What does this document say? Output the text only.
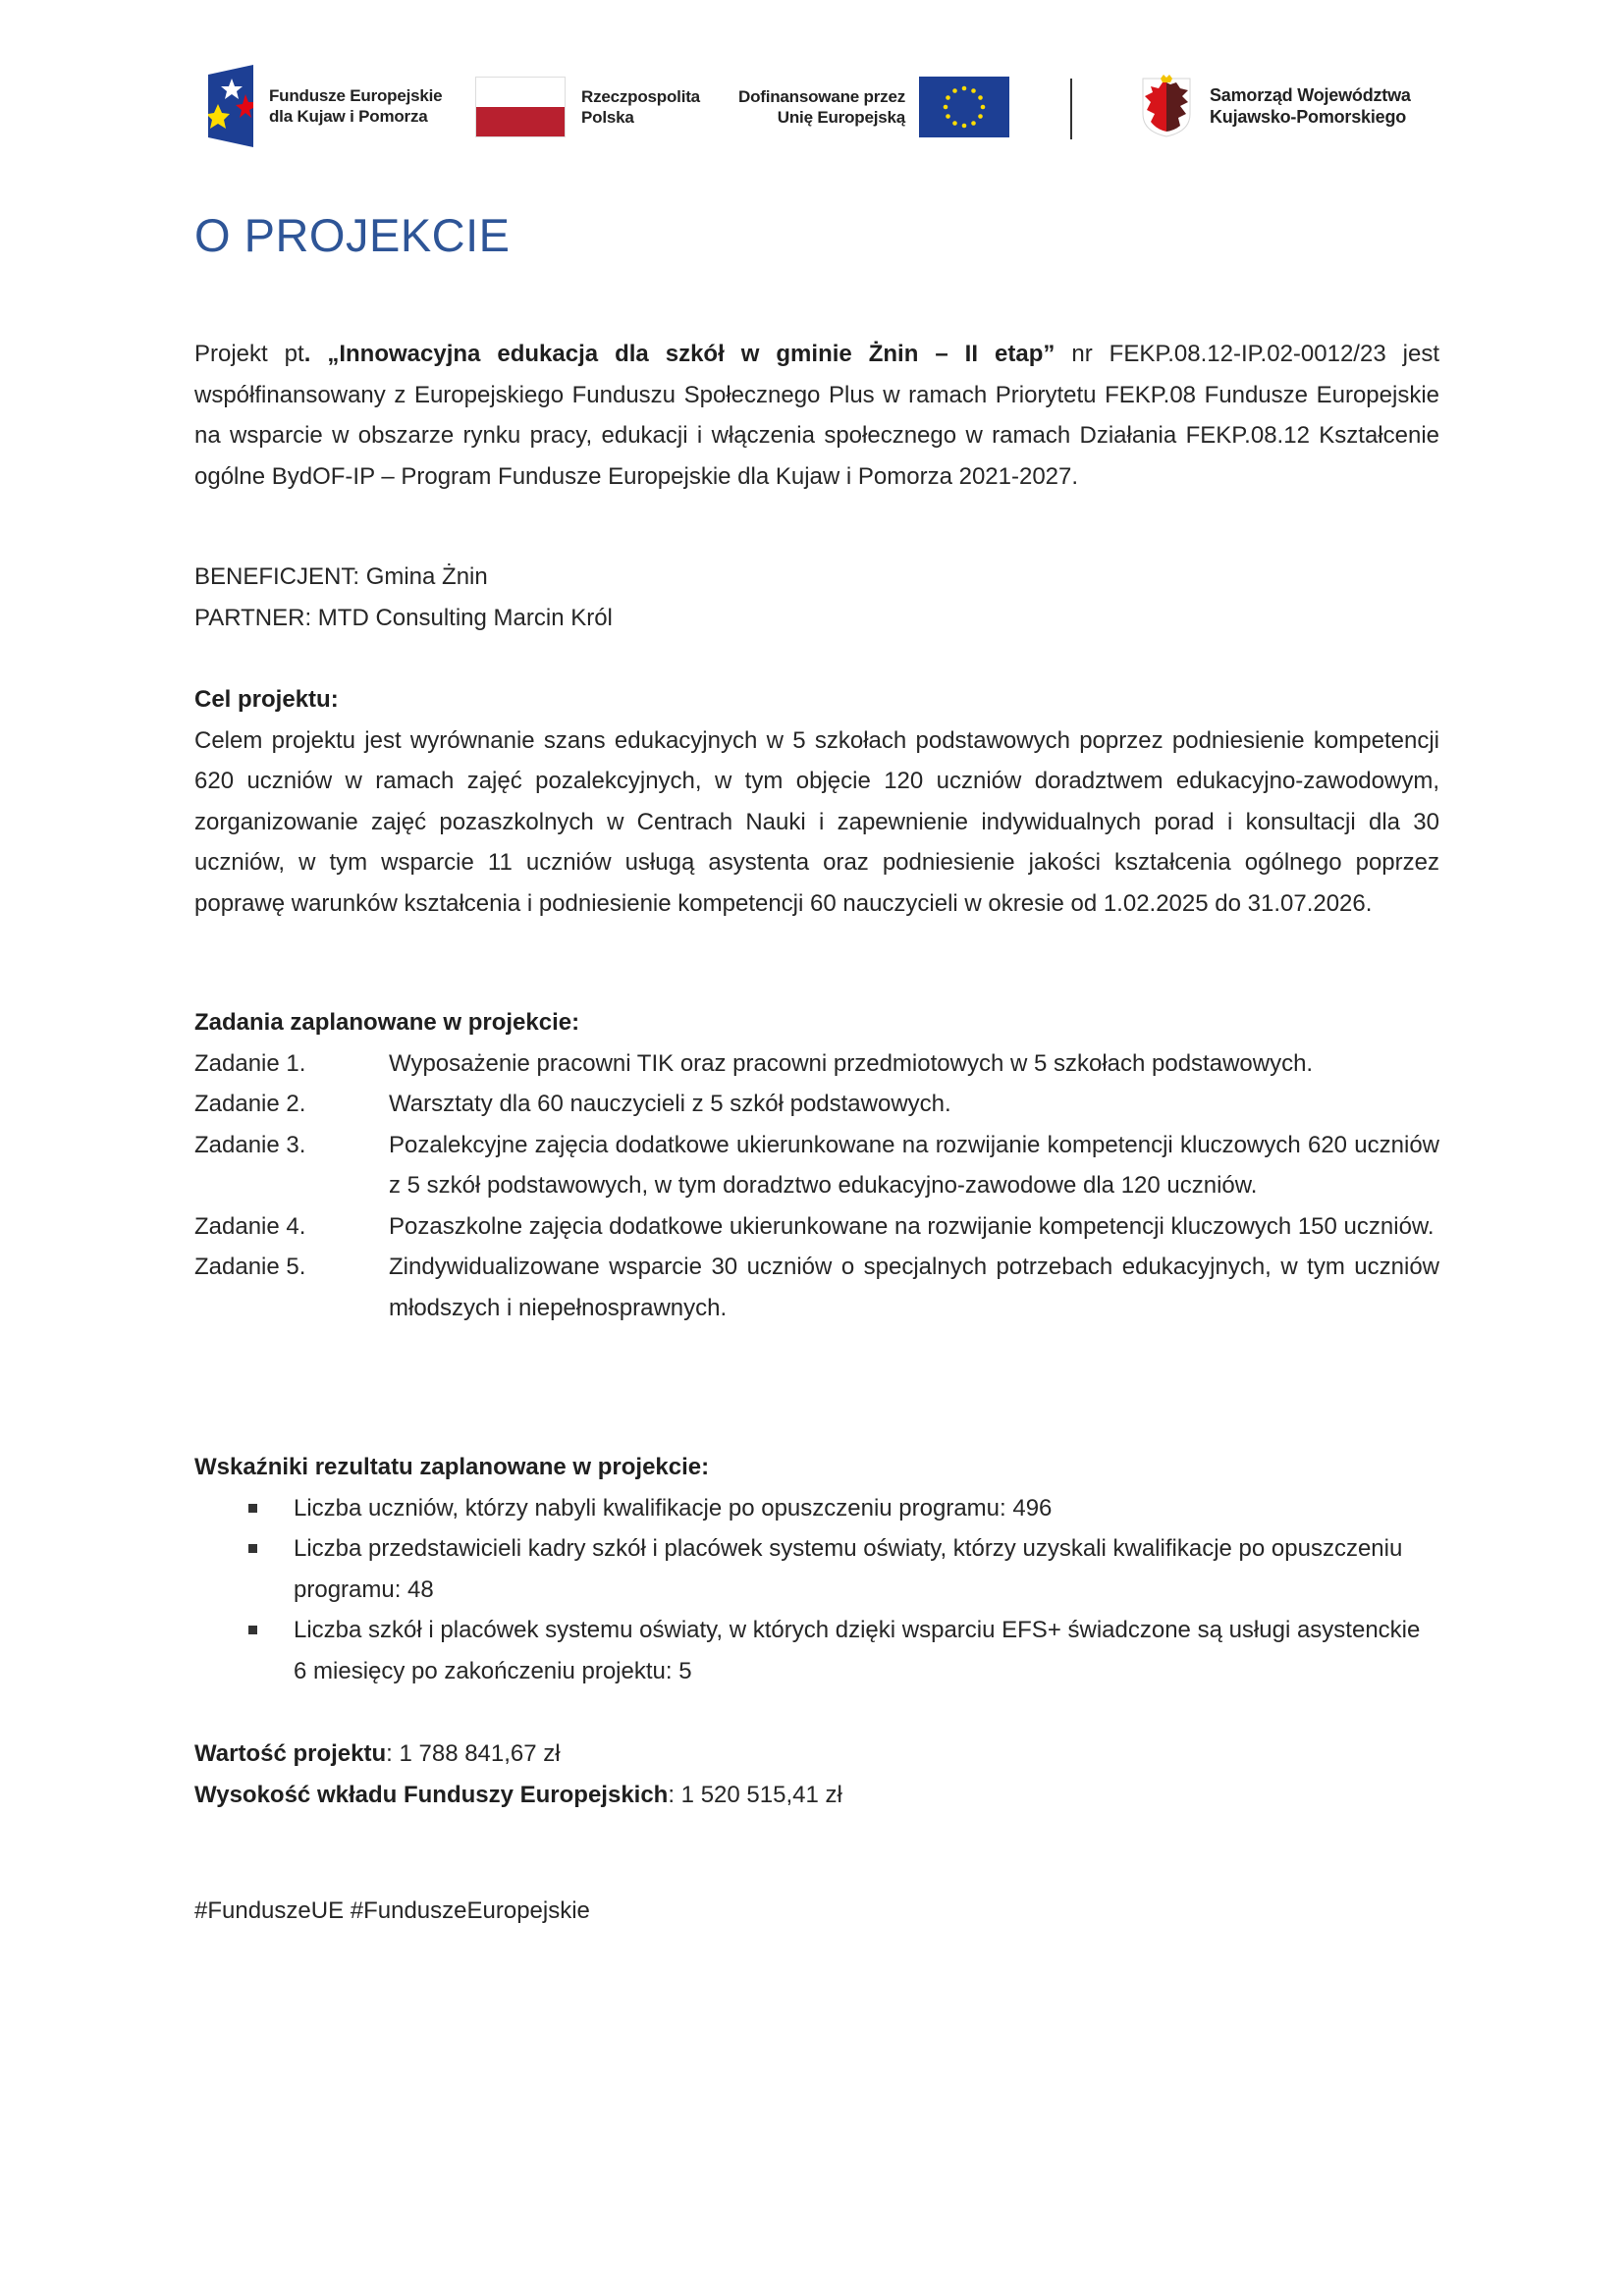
Fundusze Europejskie
dla Kujaw i Pomorza
Rzeczpospolita
Polska
Dofinansowane przez
Unię Europejską
Samorząd Województwa
Kujawsko-Pomorskiego
O PROJEKCIE

Projekt pt. „Innowacyjna edukacja dla szkół w gminie Żnin – II etap” nr FEKP.08.12-IP.02-0012/23 jest współfinansowany z Europejskiego Funduszu Społecznego Plus w ramach Priorytetu FEKP.08 Fundusze Europejskie na wsparcie w obszarze rynku pracy, edukacji i włączenia społecznego w ramach Działania FEKP.08.12 Kształcenie ogólne BydOF-IP – Program Fundusze Europejskie dla Kujaw i Pomorza 2021-2027.

BENEFICJENT: Gmina Żnin
PARTNER: MTD Consulting Marcin Król
Cel projektu:
Celem projektu jest wyrównanie szans edukacyjnych w 5 szkołach podstawowych poprzez podniesienie kompetencji 620 uczniów w ramach zajęć pozalekcyjnych, w tym objęcie 120 uczniów doradztwem edukacyjno-zawodowym, zorganizowanie zajęć pozaszkolnych w Centrach Nauki i zapewnienie indywidualnych porad i konsultacji dla 30 uczniów, w tym wsparcie 11 uczniów usługą asystenta oraz podniesienie jakości kształcenia ogólnego poprzez poprawę warunków kształcenia i podniesienie kompetencji 60 nauczycieli w okresie od 1.02.2025 do 31.07.2026.
Zadania zaplanowane w projekcie:
Zadanie 1.	Wyposażenie pracowni TIK oraz pracowni przedmiotowych w 5 szkołach podstawowych.
Zadanie 2.	Warsztaty dla 60 nauczycieli z 5 szkół podstawowych.
Zadanie 3.	Pozalekcyjne zajęcia dodatkowe ukierunkowane na rozwijanie kompetencji kluczowych 620 uczniów z 5 szkół podstawowych, w tym doradztwo edukacyjno-zawodowe dla 120 uczniów.
Zadanie 4.	Pozaszkolne zajęcia dodatkowe ukierunkowane na rozwijanie kompetencji kluczowych 150 uczniów.
Zadanie 5.	Zindywidualizowane wsparcie 30 uczniów o specjalnych potrzebach edukacyjnych, w tym uczniów młodszych i niepełnosprawnych.
Wskaźniki rezultatu zaplanowane w projekcie:
Liczba uczniów, którzy nabyli kwalifikacje po opuszczeniu programu: 496
Liczba przedstawicieli kadry szkół i placówek systemu oświaty, którzy uzyskali kwalifikacje po opuszczeniu programu: 48
Liczba szkół i placówek systemu oświaty, w których dzięki wsparciu EFS+ świadczone są usługi asystenckie 6 miesięcy po zakończeniu projektu: 5
Wartość projektu: 1 788 841,67 zł
Wysokość wkładu Funduszy Europejskich: 1 520 515,41 zł
#FunduszeUE #FunduszeEuropejskie
